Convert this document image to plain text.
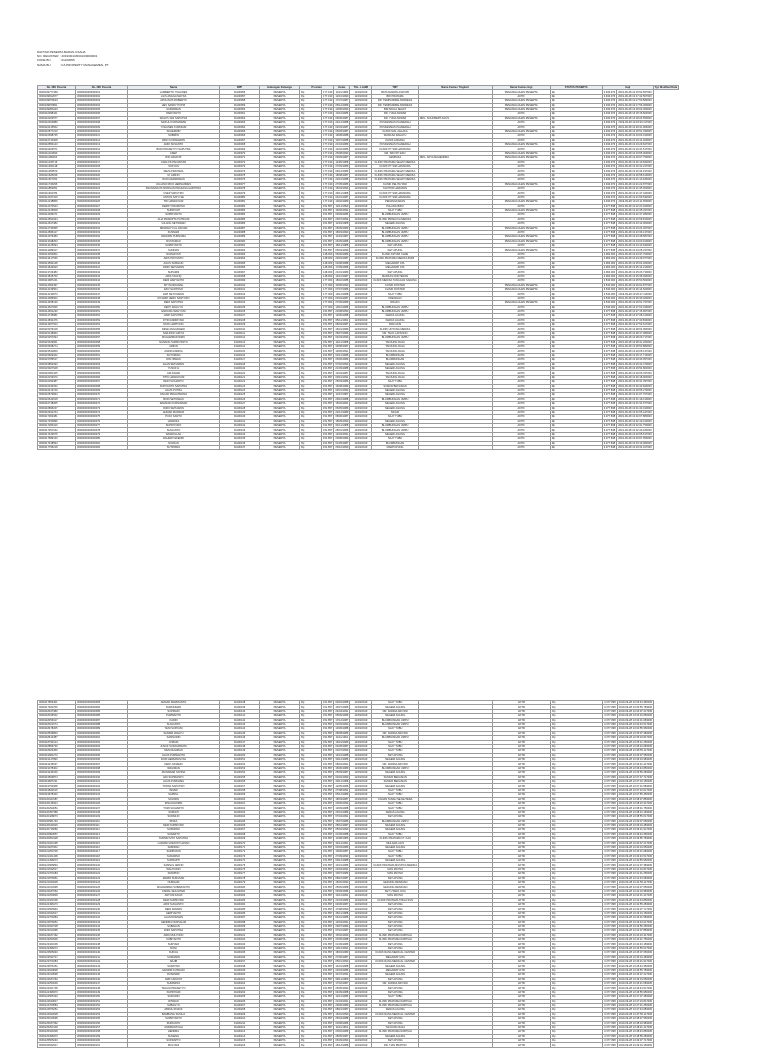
DAFTAR PESERTA BADAN USAHA
NO. REGISTER : 2019/0013/0041/00000001
KODE BU	: 01100055
NAMA BU	: KA PROPERTY MANAGEMEN, PT
No. NIK Peserta	No. NIK Peserta	Nama	NPP	Hubungan Keluarga	Provider		Kelas	TGL. LAHIR	TMT	Nama Faskes Tingkat I	Nama Faskes Gigi	STATUS PESERTA	Gaji		Tgl. Modified Data
0000109777466	3000000000000001	LAMBERTO YOHANES	01100056	PESERTA	Rp	177.190	11/11/1989	11/03/2019	BATA MAWAN ASRI DB		PENANGGUHAN PESERTA	Rp	3.940.973	2019-09-28 13:15:52.657000	
0000109812677	3000000000000002	LILIS ANGGA MAYDA	01100057	PESERTA	Rp	177.190	12/10/1990	11/03/2019	BRI PRATAMA		AKTIF	Rp	3.940.973	2019-09-28 13:17:42.507000	
0000109879023	3000000000000003	APOLINUS ROBERTO	01100058	PESERTA	Rp	177.190	17/07/1987	11/03/2019	DR. TEMPANDRE ANDREAS		PENANGGUHAN PESERTA	Rp	3.940.973	2019-09-28 13:17:50.583000	
0000109879811	3000000000000004	HEV SANDY PUTRI	01100059	PESERTA	Rp	177.190	05/12/1989	11/03/2019	DR. TEMPANDRE ANDREAS		PENANGGUHAN PESERTA	Rp	3.940.973	2019-09-28 13:17:56.450000	
0000109956423	3000000000000005	SUPARMAN	01100060	PESERTA	Rp	177.190	10/05/1990	11/03/2019	BRI MULIA SEHAT		PENANGGUHAN PESERTA	Rp	3.940.973	2019-09-28 13:18:02.360000	
0000110098441	3000000000000006	PARIYANTO	01100061	PESERTA	Rp	177.190	13/10/1986	11/03/2019	DR. YUDA ANWAR		AKTIF	Rp	3.940.973	2019-09-28 13:18:15.823000	
0000110203577	3000000000000007	WAHYU ADI SAPUTRA	01100062	PESERTA	Rp	177.190	06/06/1987	11/03/2019	DR. YUDA ANWAR	DRG. SCHUBERT AGUS	PENANGGUHAN PESERTA	Rp	3.940.973	2019-09-28 13:18:24.550000	
0000110304889	3000000000000008	SAIFUL KURNIAWAN	01100063	PESERTA	Rp	177.190	24/12/1988	11/03/2019	PUSKESMAS PALMERAH		AKTIF	Rp	3.940.973	2019-09-28 13:18:33.117000	
0000110415562	3000000000000009	YOHANES KURNIADI	01100064	PESERTA	Rp	177.190	03/03/1987	11/03/2019	PUSKESMAS PALMERAH		AKTIF	Rp	3.940.973	2019-09-28 13:18:41.906000	
0000110577210	3000000000000010	SUHERMIN	01100065	PESERTA	Rp	177.190	05/05/1987	11/03/2019	KLINIK MAL CELAKA		PENANGGUHAN PESERTA	Rp	3.940.973	2019-09-28 13:18:51.330000	
0000110698735	3000000000000011	SOBIRIN	01100066	PESERTA	Rp	177.190	19/08/1988	11/03/2019	WANGSA RAHAYU		AKTIF	Rp	3.940.973	2019-09-28 13:19:03.010000	
0000110741908	3000000000000012	RIDO KURNIAWAN	01100067	PESERTA	Rp	177.190	30/07/1988	11/03/2019	KLINIK ANDANA		AKTIF	Rp	3.940.973	2019-09-28 13:19:14.400000	
0000110856143	3000000000000013	ANDI SUSANTO	01100068	PESERTA	Rp	177.190	21/04/1989	11/03/2019	PUSKESMAS PALMERAH		PENANGGUHAN PESERTA	Rp	3.940.973	2019-09-28 13:19:29.627000	
0000110923571	3000000000000014	BUDI PRASETYO SAPUTRA	01100069	PESERTA	Rp	177.190	14/02/1986	11/03/2019	KLINIK PT SIM HAMSURA		AKTIF	Rp	3.940.973	2019-09-28 13:19:41.517000	
0000111034690	3000000000000015	ASEP	01100070	PESERTA	Rp	177.190	25/08/1990	11/03/2019	DR. SRIYATI EKO		PENANGGUHAN PESERTA	Rp	3.940.973	2019-09-28 13:19:55.000000	
0000111189264	3000000000000016	RIKI HIDAYAT	01100071	PESERTA	Rp	177.190	09/09/1987	11/03/2019	CEMPAKA	DRG. ARYA MAHENDRA	PENANGGUHAN PESERTA	Rp	3.940.973	2019-09-28 13:20:07.750000	
0000111235716	3000000000000017	CARLOS PANJAITAN	01100072	PESERTA	Rp	177.190	11/05/1988	11/03/2019	KLINIK PRATAMA SEHAT MEDIKA		AKTIF	Rp	3.940.973	2019-09-28 13:20:19.843000	
0000111390148	3000000000000018	SOFYAN	01100073	PESERTA	Rp	177.190	27/03/1989	11/03/2019	KLINIK PT SIM HAMSURA		AKTIF	Rp	3.940.973	2019-09-28 13:20:32.247000	
0000111456870	3000000000000019	REZA PRATAMA	01100074	PESERTA	Rp	177.190	06/12/1986	11/03/2019	KLINIK PRATAMA SEHAT MEDIKA		AKTIF	Rp	3.940.973	2019-09-28 13:20:44.197000	
0000111528339	3000000000000020	M. ARIFIN	01100075	PESERTA	Rp	177.190	18/08/1987	11/03/2019	KLINIK PRATAMA SEHAT MEDIKA		AKTIF	Rp	3.940.973	2019-09-28 13:20:58.610000	
0000111607452	3000000000000021	RUDI HERMAWAN	01100076	PESERTA	Rp	177.190	22/10/1988	11/03/2019	KLINIK PRATAMA SEHAT MEDIKA		AKTIF	Rp	3.940.973	2019-09-28 13:21:10.183000	
0000111745296	3000000000000022	JULIANO RIKO HERNANDES	01100077	PESERTA	Rp	177.190	27/05/1986	11/03/2019	KLINIK PELITA TANI		PENANGGUHAN PESERTA	Rp	3.940.973	2019-09-28 13:21:22.877000	
0000111869051	3000000000000023	FRANSISKUS MORGAN PRAKASA HARTONO	01100078	PESERTA	Rp	177.190	15/04/1990	11/03/2019	KANTOR HARAPAN		AKTIF	Rp	3.940.973	2019-09-28 13:21:35.300000	
0000111932784	3000000000000024	USEP SAPUTRO	01100079	PESERTA	Rp	177.190	29/11/1988	11/03/2019	KLINIK PT SIM HAMSURA		AKTIF	Rp	3.940.973	2019-09-28 13:21:47.043000	
0000112047319	3000000000000025	ANTON SATU SE	01100080	PESERTA	Rp	177.190	04/01/1987	11/03/2019	KLINIK PT SIM HAMSURA		AKTIF	Rp	3.940.973	2019-09-28 13:21:59.533000	
0000112138866	3000000000000026	TRI HANDAYANI	01100081	PESERTA	Rp	177.190	10/02/1989	11/03/2019	PENANGKARAN		PENANGGUHAN PESERTA	Rp	3.940.973	2019-09-28 13:22:11.650000	
0000112270543	3000000000000027	FERRY PRAMONO	01100082	PESERTA	Rp	151.857	13/11/1990	11/03/2019	PALANG BIRU		AKTIF	Rp	3.377.838	2019-09-28 13:22:23.040000	
0000112315908	3000000000000028	SUPRIYATI	01100083	PESERTA	Rp	151.857	16/06/1991	11/03/2019	NAJY TUBU		PENANGGUHAN PESERTA	Rp	3.377.838	2019-09-28 13:22:35.337000	
0000112486271	3000000000000029	SUPRIYANTO	01100084	PESERTA	Rp	151.857	09/09/1986	11/03/2019	BLUMBUNGAN UMPU		AKTIF	Rp	3.377.838	2019-09-28 13:22:47.283000	
0000112591634	3000000000000030	ALIA PRADIPTA PUTRIANI	01100085	PESERTA	Rp	151.857	20/07/1992	11/03/2019	KLINIK PRIMA KIA MEDIKA		AKTIF	Rp	3.377.838	2019-09-28 13:22:59.810000	
0000112647382	3000000000000031	GILANG SETIAWAN	01100086	PESERTA	Rp	151.857	11/03/1988	11/03/2019	NEGERI AGUNG		AKTIF	Rp	3.377.838	2019-09-28 13:23:12.000000	
0000112730955	3000000000000032	SRIWAHYU AL ZAKIAR	01100087	PESERTA	Rp	151.857	26/09/1989	11/03/2019	BLUMBUNGAN UMPU		PENANGGUHAN PESERTA	Rp	3.377.838	2019-09-28 13:23:24.467000	
0000112895127	3000000000000033	KUSNADI	01100088	PESERTA	Rp	151.857	18/03/1990	11/03/2019	BLUMBUNGAN UMPU		AKTIF	Rp	3.377.838	2019-09-28 13:23:36.137000	
0000112976480	3000000000000034	WAHIDIN PURNAMA	01100089	PESERTA	Rp	151.857	11/04/1987	11/03/2019	BLUMBUNGAN UMPU		PENANGGUHAN PESERTA	Rp	3.377.838	2019-09-28 13:23:48.587000	
0000113048253	3000000000000035	RUSTAMAJI	01100090	PESERTA	Rp	151.857	24/06/1986	11/03/2019	BLUMBUNGAN UMPU		PENANGGUHAN PESERTA	Rp	3.377.838	2019-09-28 13:24:00.910000	
0000113125694	3000000000000036	SUPRIYANTO	01100091	PESERTA	Rp	151.857	18/11/1988	11/03/2019	KET APUNG		AKTIF	Rp	3.377.838	2019-09-28 13:24:12.633000	
0000113289017	3000000000000037	SUNNAN	01100092	PESERTA	Rp	151.857	05/04/1990	11/03/2019	KET APUNG		PENANGGUHAN PESERTA	Rp	3.377.838	2019-09-28 13:24:25.247000	
0000113354862	3000000000000038	NURHAYATI	01100093	PESERTA	Rp	148.000	06/06/1989	11/03/2019	KLINIK ASTORI CARE		AKTIF	Rp	2.960.000	2019-09-28 13:24:37.700000	
0000113417536	3000000000000039	ARIS PRIYANTO	01100094	PESERTA	Rp	148.000	29/03/1987	11/03/2019	KLINIK PRATAMA MEDIKA BUDI		AKTIF	Rp	2.960.000	2019-09-28 13:24:49.977000	
0000113592148	3000000000000040	AGUS SUBAGIO	01100095	PESERTA	Rp	148.000	02/08/1988	11/03/2019	MEGAWATI ATA		AKTIF	Rp	2.960.000	2019-09-28 13:25:02.463000	
0000113643920	3000000000000041	DIDIK SETIAWAN	01100096	PESERTA	Rp	148.000	17/09/1986	11/03/2019	MEGAWATI ATA		AKTIF	Rp	2.960.000	2019-09-28 13:25:14.210000	
0000113726483	3000000000000042	SUPARDI	01100097	PESERTA	Rp	148.000	21/01/1989	11/03/2019	KET APUNG		AKTIF	Rp	2.960.000	2019-09-28 13:25:26.730000	
0000113815760	3000000000000043	ARIF TAUFIQ	01100098	PESERTA	Rp	148.000	14/10/1987	11/03/2019	MARKAS DOKTERAN		AKTIF	Rp	2.960.000	2019-09-28 13:25:38.093000	
0000113987241	3000000000000044	DEDI HARYANTO	01100099	PESERTA	Rp	177.000	18/02/1988	11/03/2019	KLINIK MEDIKA TANGGAS SARANA		AKTIF	Rp	3.540.000	2019-09-28 13:25:50.563000	
0000114052397	3000000000000045	SITI NURJANAH	01100100	PESERTA	Rp	177.000	30/05/1990	11/03/2019	KLINIK DOKTER		PENANGGUHAN PESERTA	Rp	3.540.000	2019-09-28 13:26:02.877000	
0000114139564	3000000000000046	EKO SANTOSO	01100101	PESERTA	Rp	177.000	07/07/1986	11/03/2019	KLINIK DOKTER		PENANGGUHAN PESERTA	Rp	3.540.000	2019-09-28 13:26:14.520000	
0000114210873	3000000000000047	DWI SETIYAWAN	01100102	PESERTA	Rp	177.000	19/12/1988	11/03/2019	NAJY TUBU		AKTIF	Rp	3.540.000	2019-09-28 13:26:27.113000	
0000114385602	3000000000000048	M FARID HERU SANTOSO	01100103	PESERTA	Rp	177.000	03/04/1987	11/03/2019	KRENGGO		AKTIF	Rp	3.540.000	2019-09-28 13:26:39.460000	
0000114458139	3000000000000049	DEDI SAPUTRA	01100104	PESERTA	Rp	177.000	27/09/1989	11/03/2019	RRAKO		PENANGGUHAN PESERTA	Rp	3.540.000	2019-09-28 13:26:51.797000	
0000114527846	3000000000000050	DEDY WALUYO	01100105	PESERTA	Rp	177.000	10/10/1986	11/03/2019	BLUMBUNGAN UMPU		AKTIF	Rp	3.540.000	2019-09-28 13:27:03.340000	
0000114691230	3000000000000051	ENDANG WAHYUNI	01100106	PESERTA	Rp	151.857	22/08/1990	11/03/2019	BLUMBUNGAN UMPU		AKTIF	Rp	3.377.838	2019-09-28 13:27:15.967000	
0000114745981	3000000000000052	HARI SAPUTRO	01100107	PESERTA	Rp	151.857	12/06/1988	11/03/2019	KERAS AGUNG		AKTIF	Rp	3.377.838	2019-09-28 13:27:28.410000	
0000114832476	3000000000000053	FITRI ANDRIYANI	01100108	PESERTA	Rp	151.857	05/11/1991	11/03/2019	KERAS AGUNG		AKTIF	Rp	3.377.838	2019-09-28 13:27:40.833000	
0000114907523	3000000000000054	RUDI HARTONO	01100109	PESERTA	Rp	151.857	08/04/1987	11/03/2019	PADI AKSI		AKTIF	Rp	3.377.838	2019-09-28 13:27:52.617000	
0000115076318	3000000000000055	DEWI ANGGRAENI	01100110	PESERTA	Rp	151.857	16/01/1989	11/03/2019	KLINIK UNTUNG MEDIKA		AKTIF	Rp	3.377.838	2019-09-28 13:28:04.953000	
0000115148963	3000000000000056	SARJONO ARIYO	01100111	PESERTA	Rp	151.857	28/07/1986	11/03/2019	DR. TEJO LAKSONO		AKTIF	Rp	3.377.838	2019-09-28 13:28:17.380000	
0000115257094	3000000000000057	MUHAMMAD RIZKI	01100112	PESERTA	Rp	151.857	04/03/1990	11/03/2019	BLUMBUNGAN UMPU		AKTIF	Rp	3.377.838	2019-09-28 13:28:29.717000	
0000115329651	3000000000000058	NANANG SUPRIYANTO	01100113	PESERTA	Rp	151.857	14/11/1988	11/03/2019	TANJUNG RAJA		AKTIF	Rp	3.377.838	2019-09-28 13:28:41.263000	
0000115468274	3000000000000059	ARIFIN	01100114	PESERTA	Rp	151.857	30/08/1987	11/03/2019	TANJUNG RAJA		AKTIF	Rp	3.377.838	2019-09-28 13:28:53.880000	
0000115531809	3000000000000060	ANDRI ANDIKA	01100115	PESERTA	Rp	151.857	19/05/1991	11/03/2019	TANJUNG RAJA		AKTIF	Rp	3.377.838	2019-09-28 13:29:05.137000	
0000115609342	3000000000000061	SUTOMIAN	01100116	PESERTA	Rp	151.857	02/12/1986	11/03/2019	BLUMBUNGAN		AKTIF	Rp	3.377.838	2019-09-28 13:29:17.713000	
0000115786517	3000000000000062	DIKI IRWAN	01100117	PESERTA	Rp	151.857	26/06/1989	11/03/2019	BLUMBUNGAN		AKTIF	Rp	3.377.838	2019-09-28 13:29:30.057000	
0000115852093	3000000000000063	ELAN SETIAWAN	01100118	PESERTA	Rp	151.857	07/02/1990	11/03/2019	NEGERI AGUNG		AKTIF	Rp	3.377.838	2019-09-28 13:29:42.470000	
0000115927648	3000000000000064	YUSUF H	01100119	PESERTA	Rp	151.857	21/09/1988	11/03/2019	NEGERI AGUNG		AKTIF	Rp	3.377.838	2019-09-28 13:29:54.803000	
0000116081325	3000000000000065	ARI FAHMI	01100120	PESERTA	Rp	151.857	13/04/1987	11/03/2019	TANJUNG RAJA		AKTIF	Rp	3.377.838	2019-09-28 13:30:06.337000	
0000116153970	3000000000000066	TITIK HANDAYANI	01100121	PESERTA	Rp	151.857	09/10/1991	11/03/2019	TANJUNG RAJA		AKTIF	Rp	3.377.838	2019-09-28 13:30:18.963000	
0000116290487	3000000000000067	DEDI SUGIANTO	01100122	PESERTA	Rp	151.857	25/03/1986	11/03/2019	NAJY TUBU		AKTIF	Rp	3.377.838	2019-09-28 13:30:31.397000	
0000116346152	3000000000000068	RUDYANTO SAPUTRA	01100123	PESERTA	Rp	151.857	16/08/1989	11/03/2019	SUMUR BEKASIAN		AKTIF	Rp	3.377.838	2019-09-28 13:30:43.840000	
0000116413729	3000000000000069	AGUS PUTRA	01100124	PESERTA	Rp	151.857	03/01/1990	11/03/2019	NEGERI AGUNG		AKTIF	Rp	3.377.838	2019-09-28 13:30:55.270000	
0000116579834	3000000000000070	OSCAR PRIHATMONO	01100125	PESERTA	Rp	151.857	11/07/1987	11/03/2019	NEGERI AGUNG		AKTIF	Rp	3.377.838	2019-09-28 13:31:07.707000	
0000116642518	3000000000000071	BUDI SETIAWAN	01100126	PESERTA	Rp	151.857	29/10/1988	11/03/2019	BLUMBUNGAN UMPU		AKTIF	Rp	3.377.838	2019-09-28 13:31:19.140000	
0000116718065	3000000000000072	RAHMAD KURNIAWAN	01100127	PESERTA	Rp	151.857	15/02/1991	11/03/2019	NEGERI AGUNG		AKTIF	Rp	3.377.838	2019-09-28 13:31:31.577000	
0000116895237	3000000000000073	RIZKI SETIAWAN	01100128	PESERTA	Rp	151.857	06/05/1986	11/03/2019	NEGERI AGUNG		AKTIF	Rp	3.377.838	2019-09-28 13:31:43.010000	
0000116931764	3000000000000074	AHMAD MANSUR	01100129	PESERTA	Rp	151.857	22/12/1989	11/03/2019	SIKAKI		AKTIF	Rp	3.377.838	2019-09-28 13:31:55.447000	
0000117063481	3000000000000075	PUJO SANTO	01100130	PESERTA	Rp	151.857	08/06/1987	11/03/2019	NAJY TUBU		AKTIF	Rp	3.377.838	2019-09-28 13:32:07.880000	
0000117150896	3000000000000076	HANDIKA	01100131	PESERTA	Rp	151.857	18/09/1990	11/03/2019	NEGERI AGUNG		AKTIF	Rp	3.377.838	2019-09-28 13:32:19.313000	
0000117284319	3000000000000077	SUPRIYONO	01100132	PESERTA	Rp	151.857	04/11/1988	11/03/2019	BLUMBUNGAN UMPU		AKTIF	Rp	3.377.838	2019-09-28 13:32:31.750000	
0000117357042	3000000000000078	SUGIANTO	01100133	PESERTA	Rp	151.857	28/01/1986	11/03/2019	BLUMBUNGAN UMPU		AKTIF	Rp	3.377.838	2019-09-28 13:32:43.183000	
0000117429675	3000000000000079	NASRULLAH	01100134	PESERTA	Rp	151.857	12/03/1991	11/03/2019	NEGERI AGUNG		AKTIF	Rp	3.377.838	2019-09-28 13:32:55.617000	
0000117586130	3000000000000080	RAHMAT EFENDI	01100135	PESERTA	Rp	151.857	20/08/1989	11/03/2019	NAJY TUBU		AKTIF	Rp	3.377.838	2019-09-28 13:33:07.050000	
0000117618594	3000000000000081	NURJAN	01100136	PESERTA	Rp	151.857	01/05/1987	11/03/2019	BLUMBUNGAN		AKTIF	Rp	3.377.838	2019-09-28 13:33:19.483000	
0000117795218	3000000000000082	SUTRISNO	01100137	PESERTA	Rp	151.857	26/10/1990	11/03/2019	MARPUPUNG		AKTIF	Rp	3.377.838	2019-09-28 13:33:31.917000	
0000117863401	3000000000000083	AHMAD MARDIANTO	01100138	PESERTA	Rp	151.857	09/02/1988	11/03/2019	NAJY TUBU		AKTIF	Rp	3.377.838	2019-09-28 13:33:43.350000
0000117920756	3000000000000084	NUROHMAN	01100139	PESERTA	Rp	151.857	15/07/1986	11/03/2019	NEGERI AGUNG		AKTIF	Rp	3.377.838	2019-09-28 13:33:55.783000
0000118047389	3000000000000085	SUPRIADI	01100140	PESERTA	Rp	151.857	24/04/1991	11/03/2019	DR. FARIDA ARIYANI		AKTIF	Rp	3.377.838	2019-09-28 13:34:07.217000
0000118196542	3000000000000086	PURWANTO	01100141	PESERTA	Rp	151.857	05/09/1989	11/03/2019	NEGERI AGUNG		AKTIF	Rp	3.377.838	2019-09-28 13:34:19.650000
0000118253917	3000000000000087	KARDI	01100142	PESERTA	Rp	151.857	17/12/1987	11/03/2019	BLUMBUNGAN UMPU		AKTIF	Rp	3.377.838	2019-09-28 13:34:31.083000
0000118321674	3000000000000088	SUGIANTO	01100143	PESERTA	Rp	151.857	02/03/1990	11/03/2019	BLUMBUNGAN UMPU		AKTIF	Rp	3.377.838	2019-09-28 13:34:43.517000
0000118478205	3000000000000089	YENI SURYANI	01100144	PESERTA	Rp	151.857	13/06/1988	11/03/2019	NAJY TUBU		AKTIF	Rp	3.377.838	2019-09-28 13:34:55.950000
0000118539860	3000000000000090	SANDRI WAHYU	01100145	PESERTA	Rp	151.857	28/08/1986	11/03/2019	DR. FARIDA ARIYANI		AKTIF	Rp	3.377.838	2019-09-28 13:35:07.383000
0000118614387	3000000000000091	SAMSUDIN	01100146	PESERTA	Rp	151.857	11/11/1991	11/03/2019	BLUMBUNGAN UMPU		AKTIF	Rp	3.377.838	2019-09-28 13:35:19.817000
0000118790124	3000000000000092	JUMADI	01100147	PESERTA	Rp	151.857	19/01/1989	11/03/2019	NAJY TUBU		AKTIF	Rp	3.377.838	2019-09-28 13:35:31.250000
0000118856739	3000000000000093	JUSUF SURJADINATA	01100148	PESERTA	Rp	151.857	04/05/1987	11/03/2019	NAJY TUBU		AKTIF	Rp	3.377.838	2019-09-28 13:35:43.683000
0000118923456	3000000000000094	DENI RAHMAN	01100149	PESERTA	Rp	151.857	22/07/1990	11/03/2019	NAJY TUBU		AKTIF	Rp	3.377.838	2019-09-28 13:35:55.117000
0000119081273	3000000000000095	AGUS PURWANTO	01100150	PESERTA	Rp	151.857	14/10/1988	11/03/2019	KET APUNG		AKTIF	Rp	3.377.838	2019-09-28 13:36:07.550000
0000119147890	3000000000000096	DODI HERMANSYAH	01100151	PESERTA	Rp	151.857	30/12/1986	11/03/2019	NEGERI AGUNG		AKTIF	Rp	3.377.838	2019-09-28 13:36:19.983000
0000119215637	3000000000000097	DEDI JUNAEDI	01100152	PESERTA	Rp	151.857	08/04/1991	11/03/2019	DR. FARIDA ARIYANI		AKTIF	Rp	3.377.838	2019-09-28 13:36:31.417000
0000119378402	3000000000000098	WAGIMAN	01100153	PESERTA	Rp	151.857	16/06/1989	11/03/2019	BLUMBUNGAN UMPU		AKTIF	Rp	3.377.838	2019-09-28 13:36:43.850000
0000119436159	3000000000000099	MUNAWAR SATRIA	01100154	PESERTA	Rp	151.857	25/09/1987	11/03/2019	NEGERI AGUNG		AKTIF	Rp	3.377.838	2019-09-28 13:36:55.283000
0000119509874	3000000000000100	EDI SUPRIANTO	01100155	PESERTA	Rp	151.857	03/02/1990	11/03/2019	SUMUR BEKASIAN		AKTIF	Rp	3.377.838	2019-09-28 13:37:07.717000
0000119687231	3000000000000101	AGUS PURNAMA	01100156	PESERTA	Rp	151.857	20/11/1988	11/03/2019	SUMUR BEKASIAN		AKTIF	Rp	3.377.838	2019-09-28 13:37:19.150000
0000119752968	3000000000000102	TOPAN SAPUTRO	01100157	PESERTA	Rp	151.857	12/05/1986	11/03/2019	NEGERI AGUNG		AKTIF	Rp	3.377.838	2019-09-28 13:37:31.583000
0000119820615	3000000000000103	ISNADI	01100158	PESERTA	Rp	151.857	27/08/1991	11/03/2019	NAJY TUBU		AKTIF	Rp	3.377.838	2019-09-28 13:37:43.017000
0000119978340	3000000000000104	SAPRUL	01100159	PESERTA	Rp	151.857	06/12/1989	11/03/2019	NAJY TUBU		AKTIF	Rp	3.377.838	2019-09-28 13:37:55.450000
0000120043187	3000000000000105	SOLIMIN	01100160	PESERTA	Rp	151.857	18/03/1987	11/03/2019	KANAN TANAH SEJAHTERA		AKTIF	Rp	3.377.838	2019-09-28 13:38:07.883000
0000120115924	3000000000000106	RISA KHOIRIN	01100161	PESERTA	Rp	151.857	29/06/1990	11/03/2019	NAJY TUBU		AKTIF	Rp	3.377.838	2019-09-28 13:38:19.317000
0000120294651	3000000000000107	TOMI SUGIARTO	01100162	PESERTA	Rp	151.857	10/09/1988	11/03/2019	NAJY TUBU		AKTIF	Rp	3.377.838	2019-09-28 13:38:31.750000
0000120357386	3000000000000108	SUMIATI	01100163	PESERTA	Rp	151.857	23/01/1986	11/03/2019	KERAS AGUNG		AKTIF	Rp	3.377.838	2019-09-28 13:38:43.183000
0000120428073	3000000000000109	SUPARJO	01100164	PESERTA	Rp	151.857	07/04/1991	11/03/2019	KET APUNG		AKTIF	Rp	3.377.838	2019-09-28 13:38:55.617000
0000120581740	3000000000000110	RISKA	01100165	PESERTA	Rp	151.857	15/07/1989	11/03/2019	BLUMBUNGAN UMPU		AKTIF	Rp	3.377.838	2019-09-28 13:39:07.050000
0000120649315	3000000000000111	DEDI SUPRIYADI	01100166	PESERTA	Rp	151.857	28/10/1987	11/03/2019	NEGERI AGUNG		AKTIF	Rp	3.377.838	2019-09-28 13:39:19.483000
0000120716082	3000000000000112	SUPARNO	01100167	PESERTA	Rp	151.857	05/02/1990	11/03/2019	NEGERI AGUNG		AKTIF	Rp	3.377.838	2019-09-28 13:39:31.917000
0000120893657	3000000000000113	SUNARTO	01100168	PESERTA	Rp	151.857	21/05/1988	11/03/2019	NAJY TUBU		AKTIF	Rp	3.377.838	2019-09-28 13:39:43.350000
0000120952428	3000000000000114	TARSIM SITO SAPUTRA	01100169	PESERTA	Rp	151.857	11/08/1986	11/03/2019	KLINIK PRATAMA FT. KAS		AKTIF	Rp	3.377.838	2019-09-28 13:39:55.783000
0000121024195	3000000000000115	LUKMAN HIDAYAT HASAN	01100170	PESERTA	Rp	151.857	24/11/1991	11/03/2019	MULAMA JAYA		AKTIF	Rp	3.377.838	2019-09-28 13:40:07.217000
0000121187962	3000000000000116	SAMIRAN	01100171	PESERTA	Rp	151.857	03/03/1989	11/03/2019	NEGERI AGUNG		AKTIF	Rp	3.377.838	2019-09-28 13:40:19.650000
0000121253739	3000000000000117	SARIPUDIN	01100172	PESERTA	Rp	151.857	19/06/1987	11/03/2019	NAJY TUBU		AKTIF	Rp	3.377.838	2019-09-28 13:40:31.083000
0000121321406	3000000000000118	SUDARNO	01100173	PESERTA	Rp	151.857	27/09/1990	11/03/2019	NAJY TUBU		AKTIF	Rp	3.377.838	2019-09-28 13:40:43.517000
0000121498273	3000000000000119	SUPRAPTI	01100174	PESERTA	Rp	151.857	09/12/1988	11/03/2019	NEGERI AGUNG		AKTIF	Rp	3.377.838	2019-09-28 13:40:55.950000
0000121565840	3000000000000120	SAMSUL ARIFIN	01100175	PESERTA	Rp	151.857	14/01/1986	11/03/2019	KLINIK PRATAMA MUSTIKA MEDIKA		AKTIF	Rp	3.377.838	2019-09-28 13:41:07.383000
0000121632517	3000000000000121	WAHYUDIN	01100176	PESERTA	Rp	151.857	22/04/1991	11/03/2019	MAS MAYNO		AKTIF	Rp	3.377.838	2019-09-28 13:41:19.817000
0000121709184	3000000000000122	SURIPNO	01100177	PESERTA	Rp	151.857	30/07/1989	11/03/2019	MAS MAYNO		AKTIF	Rp	3.377.838	2019-09-28 13:41:31.250000
0000121876951	3000000000000123	MARDI SURASAN	01100178	PESERTA	Rp	151.857	08/10/1987	11/03/2019	KET APUNG		AKTIF	Rp	3.377.838	2019-09-28 13:41:43.683000
0000121943628	3000000000000124	NURHADI	01100179	PESERTA	Rp	151.857	16/02/1990	11/03/2019	GEDUNG RESIKIAN		AKTIF	Rp	3.377.838	2019-09-28 13:41:55.117000
0000122010395	3000000000000125	MUHAMMAD SUBARIANTO	01100180	PESERTA	Rp	151.857	25/05/1988	11/03/2019	GEDUNG RESIKIAN		AKTIF	Rp	3.377.838	2019-09-28 13:42:07.550000
0000122187062	3000000000000126	ASMAL SEJAHTER	01100181	PESERTA	Rp	151.857	06/09/1986	11/03/2019	KET UTARA JAYA		AKTIF	Rp	3.377.838	2019-09-28 13:42:19.983000
0000122254839	3000000000000127	ANTONI FAUZI	01100182	PESERTA	Rp	151.857	13/12/1991	11/03/2019	MAS MAYNO		AKTIF	Rp	3.377.838	2019-09-28 13:42:31.417000
0000122321506	3000000000000128	DEDI SUPRIYADI	01100183	PESERTA	Rp	151.857	21/03/1989	11/03/2019	KLINIK PRATAMA TRIGA SUN		AKTIF	Rp	3.377.838	2019-09-28 13:42:43.850000
0000122498173	3000000000000129	ARIF SUGIANTO	01100184	PESERTA	Rp	151.857	02/06/1987	11/03/2019	KET APUNG		AKTIF	Rp	3.377.838	2019-09-28 13:42:55.283000
0000122565940	3000000000000130	DEDI IRAWAN	01100185	PESERTA	Rp	151.857	17/08/1990	11/03/2019	KET APUNG		AKTIF	Rp	3.377.838	2019-09-28 13:43:07.717000
0000122632617	3000000000000131	HERIYANTO	01100186	PESERTA	Rp	151.857	26/11/1988	11/03/2019	KET APUNG		AKTIF	Rp	3.377.838	2019-09-28 13:43:19.150000
0000122709384	3000000000000132	ALAN ROHMAN	01100187	PESERTA	Rp	151.857	04/01/1986	11/03/2019	KET APUNG		AKTIF	Rp	3.377.838	2019-09-28 13:43:31.583000
0000122876051	3000000000000133	HENDRA NURSALIM	01100188	PESERTA	Rp	151.857	12/04/1991	11/03/2019	KET APUNG		AKTIF	Rp	3.377.838	2019-09-28 13:43:43.017000
0000122943728	3000000000000134	SUBAHAN	01100189	PESERTA	Rp	151.857	29/07/1989	11/03/2019	KET APUNG		AKTIF	Rp	3.377.838	2019-09-28 13:43:55.450000
0000123010495	3000000000000135	ANDI SAPUTRA	01100190	PESERTA	Rp	151.857	07/10/1987	11/03/2019	KET APUNG		AKTIF	Rp	3.377.838	2019-09-28 13:44:07.883000
0000123187162	3000000000000136	ANDI MULYONO	01100191	PESERTA	Rp	151.857	15/02/1990	11/03/2019	KLINIK PRATAMA RABIYAH		AKTIF	Rp	3.377.838	2019-09-28 13:44:19.317000
0000123254939	3000000000000137	SUBIYANTO	01100192	PESERTA	Rp	151.857	23/05/1988	11/03/2019	KLINIK PRATAMA RABIYAH		AKTIF	Rp	3.377.838	2019-09-28 13:44:31.750000
0000123321606	3000000000000138	SURYADI	01100193	PESERTA	Rp	151.857	01/09/1986	11/03/2019	KET APUNG		AKTIF	Rp	3.377.838	2019-09-28 13:44:43.183000
0000123498273	3000000000000139	RONI	01100194	PESERTA	Rp	151.857	10/12/1991	11/03/2019	KET APUNG		AKTIF	Rp	3.377.838	2019-09-28 13:44:55.617000
0000123565040	3000000000000140	KUKUH	01100195	PESERTA	Rp	151.857	18/03/1989	11/03/2019	KLINIK RANA MEDICAL CENTER		AKTIF	Rp	3.377.838	2019-09-28 13:45:07.050000
0000123632717	3000000000000141	SURIAMIN	01100196	PESERTA	Rp	151.857	27/06/1987	11/03/2019	MEGAWATI ATA		AKTIF	Rp	3.377.838	2019-09-28 13:45:19.483000
0000123709484	3000000000000142	NAJIB	01100197	PESERTA	Rp	151.857	05/10/1990	11/03/2019	KLINIK RANA MEDICAL CENTER		AKTIF	Rp	3.377.838	2019-09-28 13:45:31.917000
0000123876151	3000000000000143	SURATNO	01100198	PESERTA	Rp	151.857	14/01/1988	11/03/2019	NEGERI AGUNG		AKTIF	Rp	3.377.838	2019-09-28 13:45:43.350000
0000123943828	3000000000000144	HENDRI KUSNADI	01100199	PESERTA	Rp	151.857	22/04/1986	11/03/2019	MEGAWATI ATA		AKTIF	Rp	3.377.838	2019-09-28 13:45:55.783000
0000124010595	3000000000000145	RUSMIADI	01100200	PESERTA	Rp	151.857	31/07/1991	11/03/2019	NEGERI AGUNG		AKTIF	Rp	3.377.838	2019-09-28 13:46:07.217000
0000124187262	3000000000000146	ARIF HIDAYAT	01100201	PESERTA	Rp	151.857	09/11/1989	11/03/2019	KET APUNG		AKTIF	Rp	3.377.838	2019-09-28 13:46:19.650000
0000124254039	3000000000000147	SUMARNO	01100202	PESERTA	Rp	151.857	17/02/1987	11/03/2019	DR. FARIDA ARIYANI		AKTIF	Rp	3.377.838	2019-09-28 13:46:31.083000
0000124321706	3000000000000148	TEGUH PRASETYO	01100203	PESERTA	Rp	151.857	26/05/1990	11/03/2019	KET APUNG		AKTIF	Rp	3.377.838	2019-09-28 13:46:43.517000
0000124498373	3000000000000149	SUPRIYADI	01100204	PESERTA	Rp	151.857	04/09/1988	11/03/2019	KET APUNG		AKTIF	Rp	3.377.838	2019-09-28 13:46:55.950000
0000124565140	3000000000000150	SAIFUDIN	01100205	PESERTA	Rp	151.857	12/12/1986	11/03/2019	NAJY TUBU		AKTIF	Rp	3.377.838	2019-09-28 13:47:07.383000
0000124632817	3000000000000151	RISWAN	01100206	PESERTA	Rp	151.857	21/03/1991	11/03/2019	KLINIK PRATAMA RABIYAH		AKTIF	Rp	3.377.838	2019-09-28 13:47:19.817000
0000124709584	3000000000000152	SUBAGYO	01100207	PESERTA	Rp	151.857	29/06/1989	11/03/2019	KLINIK PRATAMA RABIYAH		AKTIF	Rp	3.377.838	2019-09-28 13:47:31.250000
0000124876251	3000000000000153	ABDUL ROZAK	01100208	PESERTA	Rp	151.857	08/10/1987	11/03/2019	KERAS AGUNG		AKTIF	Rp	3.377.838	2019-09-28 13:47:43.683000
0000124943928	3000000000000154	BAMBANG SUSILO	01100209	PESERTA	Rp	151.857	16/01/1990	11/03/2019	KLINIK RANA MEDICAL CENTER		AKTIF	Rp	3.377.838	2019-09-28 13:47:55.117000
0000125010695	3000000000000155	SUPRIYANTO	01100210	PESERTA	Rp	151.857	25/04/1988	11/03/2019	KET APUNG		AKTIF	Rp	3.377.838	2019-09-28 13:48:07.550000
0000125187362	3000000000000156	RUDIANTO	01100211	PESERTA	Rp	151.857	03/08/1986	11/03/2019	KET APUNG		AKTIF	Rp	3.377.838	2019-09-28 13:48:19.983000
0000125254139	3000000000000157	ANDRIANSYAH	01100212	PESERTA	Rp	151.857	11/11/1991	11/03/2019	TANJUNG RAJA		AKTIF	Rp	3.377.838	2019-09-28 13:48:31.417000
0000125321806	3000000000000158	HENDRA	01100213	PESERTA	Rp	151.857	20/02/1989	11/03/2019	KLINIK PRATAMA RABIYAH		AKTIF	Rp	3.377.838	2019-09-28 13:48:43.850000
0000125498473	3000000000000159	SUGENG	01100214	PESERTA	Rp	151.857	28/05/1987	11/03/2019	NEGERI AGUNG		AKTIF	Rp	3.377.838	2019-09-28 13:48:55.283000
0000125565240	3000000000000160	SUPRAPTO	01100215	PESERTA	Rp	151.857	06/09/1990	11/03/2019	KET APUNG		AKTIF	Rp	3.377.838	2019-09-28 13:49:07.717000
0000125632917	3000000000000161	MULYANI	01100216	PESERTA	Rp	151.857	15/12/1988	11/03/2019	DR. TIAN PRATIWI		AKTIF	Rp	3.377.838	2019-09-28 13:49:19.150000
